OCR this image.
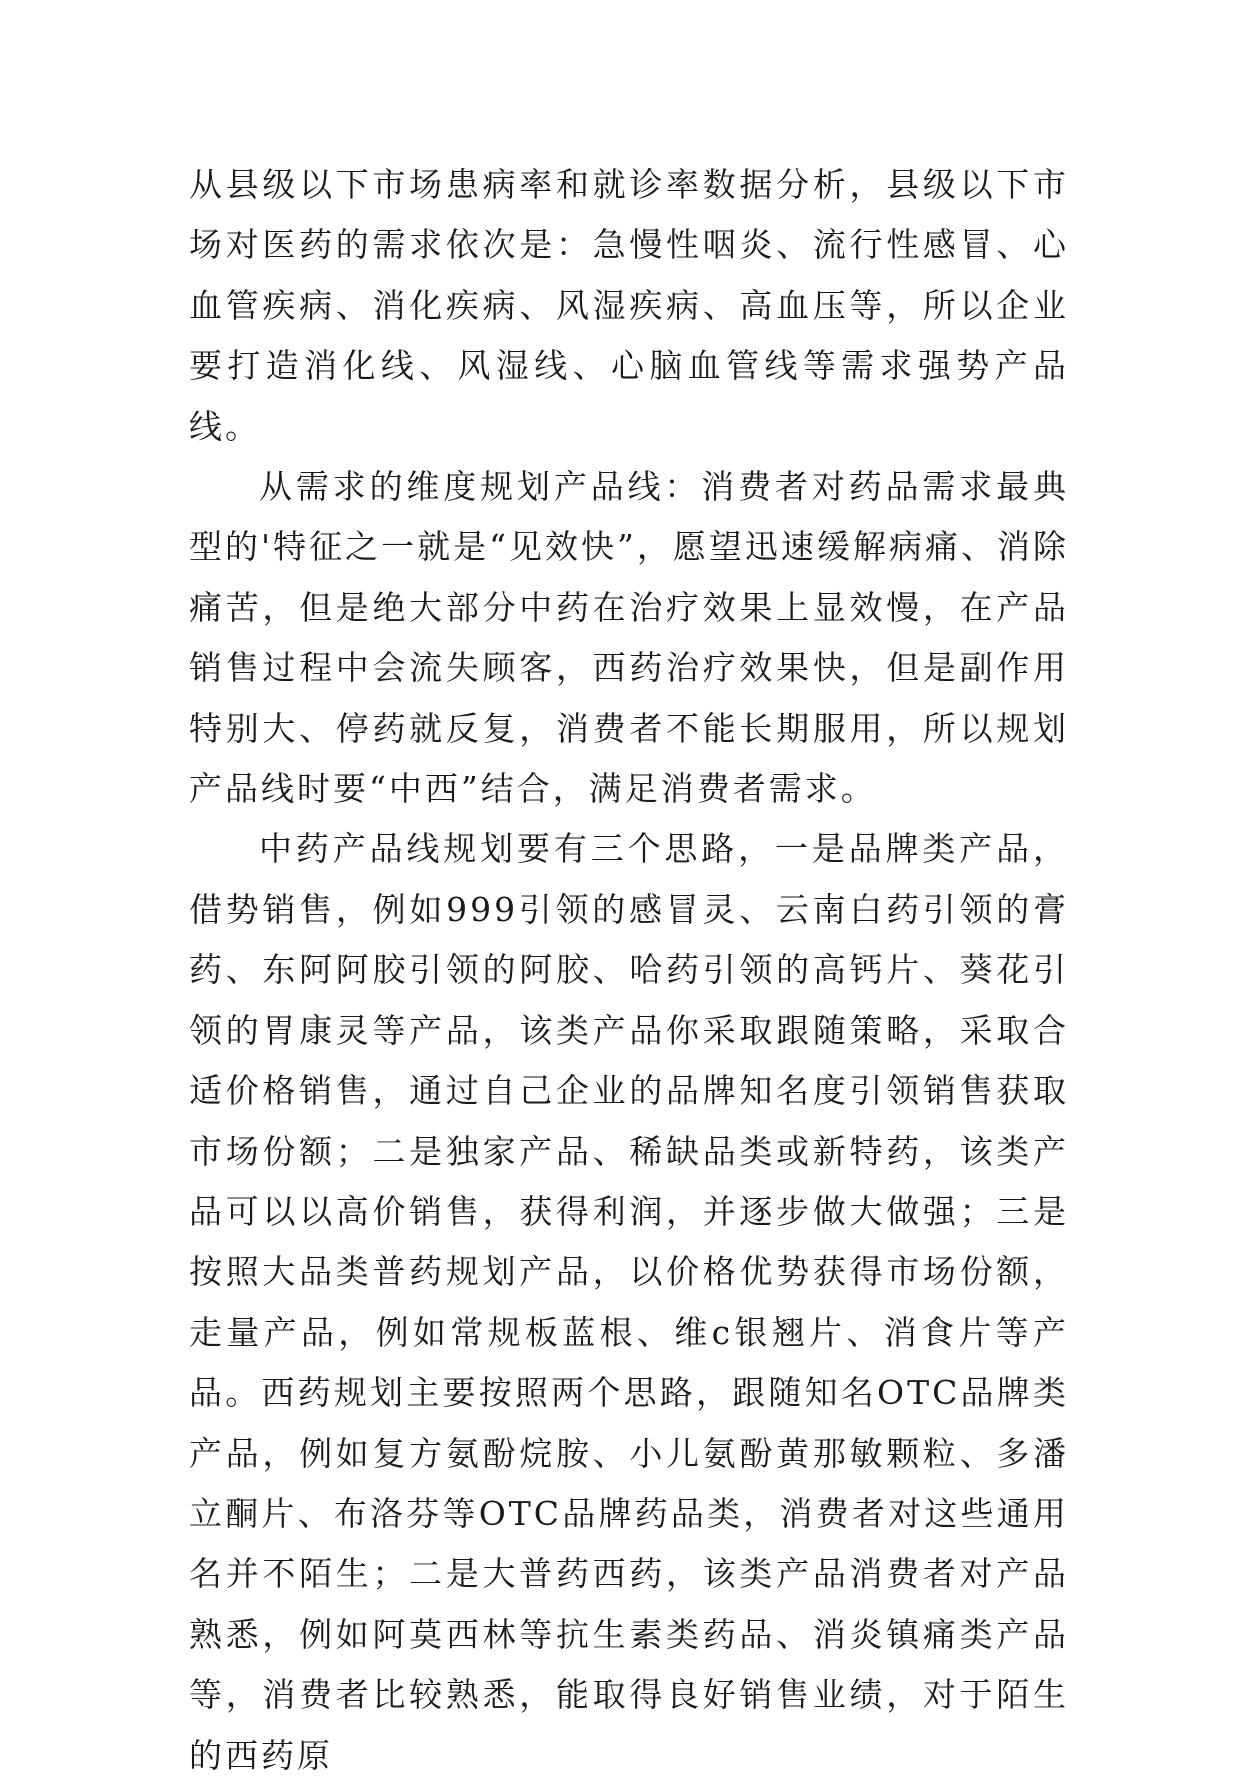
从县级以下市场患病率和就诊率数据分析，县级以下市场对医药的需求依次是：急慢性咽炎、流行性感冒、心血管疾病、消化疾病、风湿疾病、高血压等，所以企业要打造消化线、风湿线、心脑血管线等需求强势产品线。

从需求的维度规划产品线：消费者对药品需求最典型的'特征之一就是“见效快”，愿望迅速缓解病痛、消除痛苦，但是绝大部分中药在治疗效果上显效慢，在产品销售过程中会流失顾客，西药治疗效果快，但是副作用特别大、停药就反复，消费者不能长期服用，所以规划产品线时要“中西”结合，满足消费者需求。

中药产品线规划要有三个思路，一是品牌类产品，借势销售，例如999引领的感冒灵、云南白药引领的膏药、东阿阿胶引领的阿胶、哈药引领的高钙片、葵花引领的胃康灵等产品，该类产品你采取跟随策略，采取合适价格销售，通过自己企业的品牌知名度引领销售获取市场份额；二是独家产品、稀缺品类或新特药，该类产品可以以高价销售，获得利润，并逐步做大做强；三是按照大品类普药规划产品，以价格优势获得市场份额，走量产品，例如常规板蓝根、维c银翘片、消食片等产品。西药规划主要按照两个思路，跟随知名OTC品牌类产品，例如复方氨酚烷胺、小儿氨酚黄那敏颗粒、多潘立酮片、布洛芬等OTC品牌药品类，消费者对这些通用名并不陌生；二是大普药西药，该类产品消费者对产品熟悉，例如阿莫西林等抗生素类药品、消炎镇痛类产品等，消费者比较熟悉，能取得良好销售业绩，对于陌生的西药原
